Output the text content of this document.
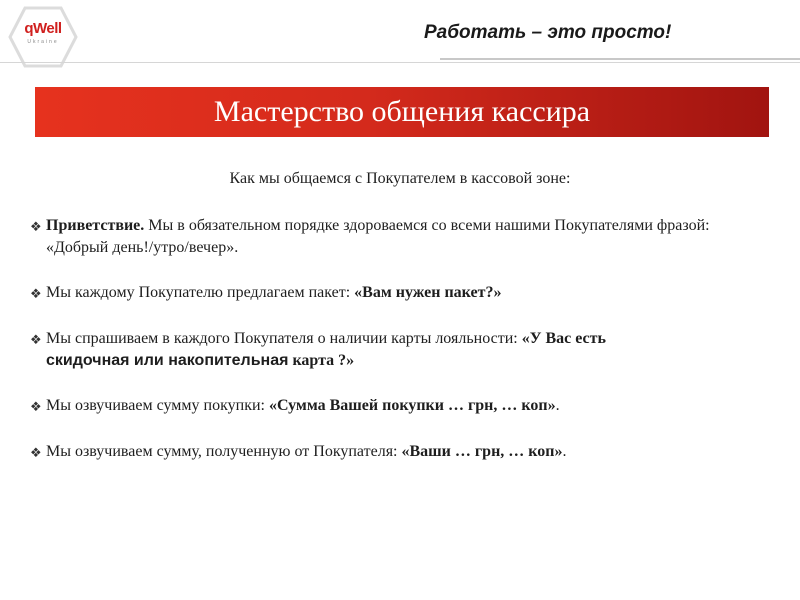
qWell
Ukraine	Работать – это просто!
Мастерство общения кассира
Как мы общаемся с Покупателем в кассовой зоне:
❖ Приветствие. Мы в обязательном порядке здороваемся со всеми нашими Покупателями фразой: «Добрый день!/утро/вечер».
❖ Мы каждому Покупателю предлагаем пакет: «Вам нужен пакет?»
❖ Мы спрашиваем в каждого Покупателя о наличии карты лояльности: «У Вас есть
скидочная или накопительная карта ?»
❖ Мы озвучиваем сумму покупки: «Сумма Вашей покупки … грн, … коп».
❖ Мы озвучиваем сумму, полученную от Покупателя: «Ваши … грн, … коп».
